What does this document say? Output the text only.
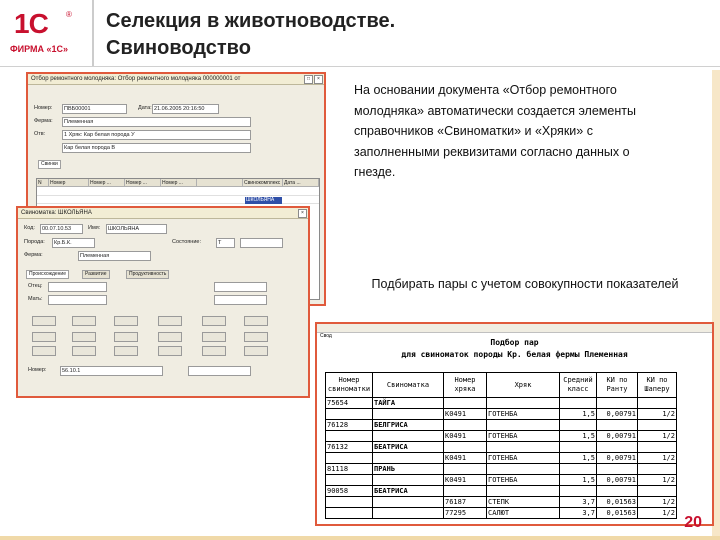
1С ®
ФИРМА «1С»
Селекция в животноводстве.
Свиноводство
×
□
Отбор ремонтного молодняка: Отбор ремонтного молодняка 000000001 от
Номер:	ПВБ00001	Дата: 21.06.2005 20:16:50
Ферма:	Племенная
Отв:	1 Хряк: Кар белая порода У
Кар белая порода В
Свинки
N	Номер	Номер ...	Номер ...	Номер ...	Свинокомплекс Дата ...
ШКОЛЬЯНА
×
Свиноматка: ШКОЛЬЯНА
Код:	00.07.10.53	Имя:	ШКОЛЬЯНА
Порода:	Кр.Б.К.
Ферма:	Племенная
Состояние:	Т
Происхождение	Развитие	Продуктивность
Отец:
Мать:
Номер:	56.10.1
На основании документа «Отбор ремонтного молодняка» автоматически создается элементы справочников «Свиноматки» и «Хряки» с заполненными реквизитами согласно данных о гнезде.
Подбирать пары с учетом совокупности показателей
Свод
Подбор пар
для свиноматок породы Кр. белая фермы Племенная
Номер свиноматки	Свиноматка	Номер хряка	Хряк	Средний класс	КИ по Ранту	КИ по Шаперу
75654	ТАЙГА					
		К0491	ГОТЕНБА	1,5	0,00791	1/2
76128	БЕЛГРИСА					
		К0491	ГОТЕНБА	1,5	0,00791	1/2
76132	БЕАТРИСА					
		К0491	ГОТЕНБА	1,5	0,00791	1/2
81118	ПРАНЬ					
		К0491	ГОТЕНБА	1,5	0,00791	1/2
90058	БЕАТРИСА					
		76187	СТЕПК	3,7	0,01563	1/2
		77295	САЛЮТ	3,7	0,01563	1/2
20
